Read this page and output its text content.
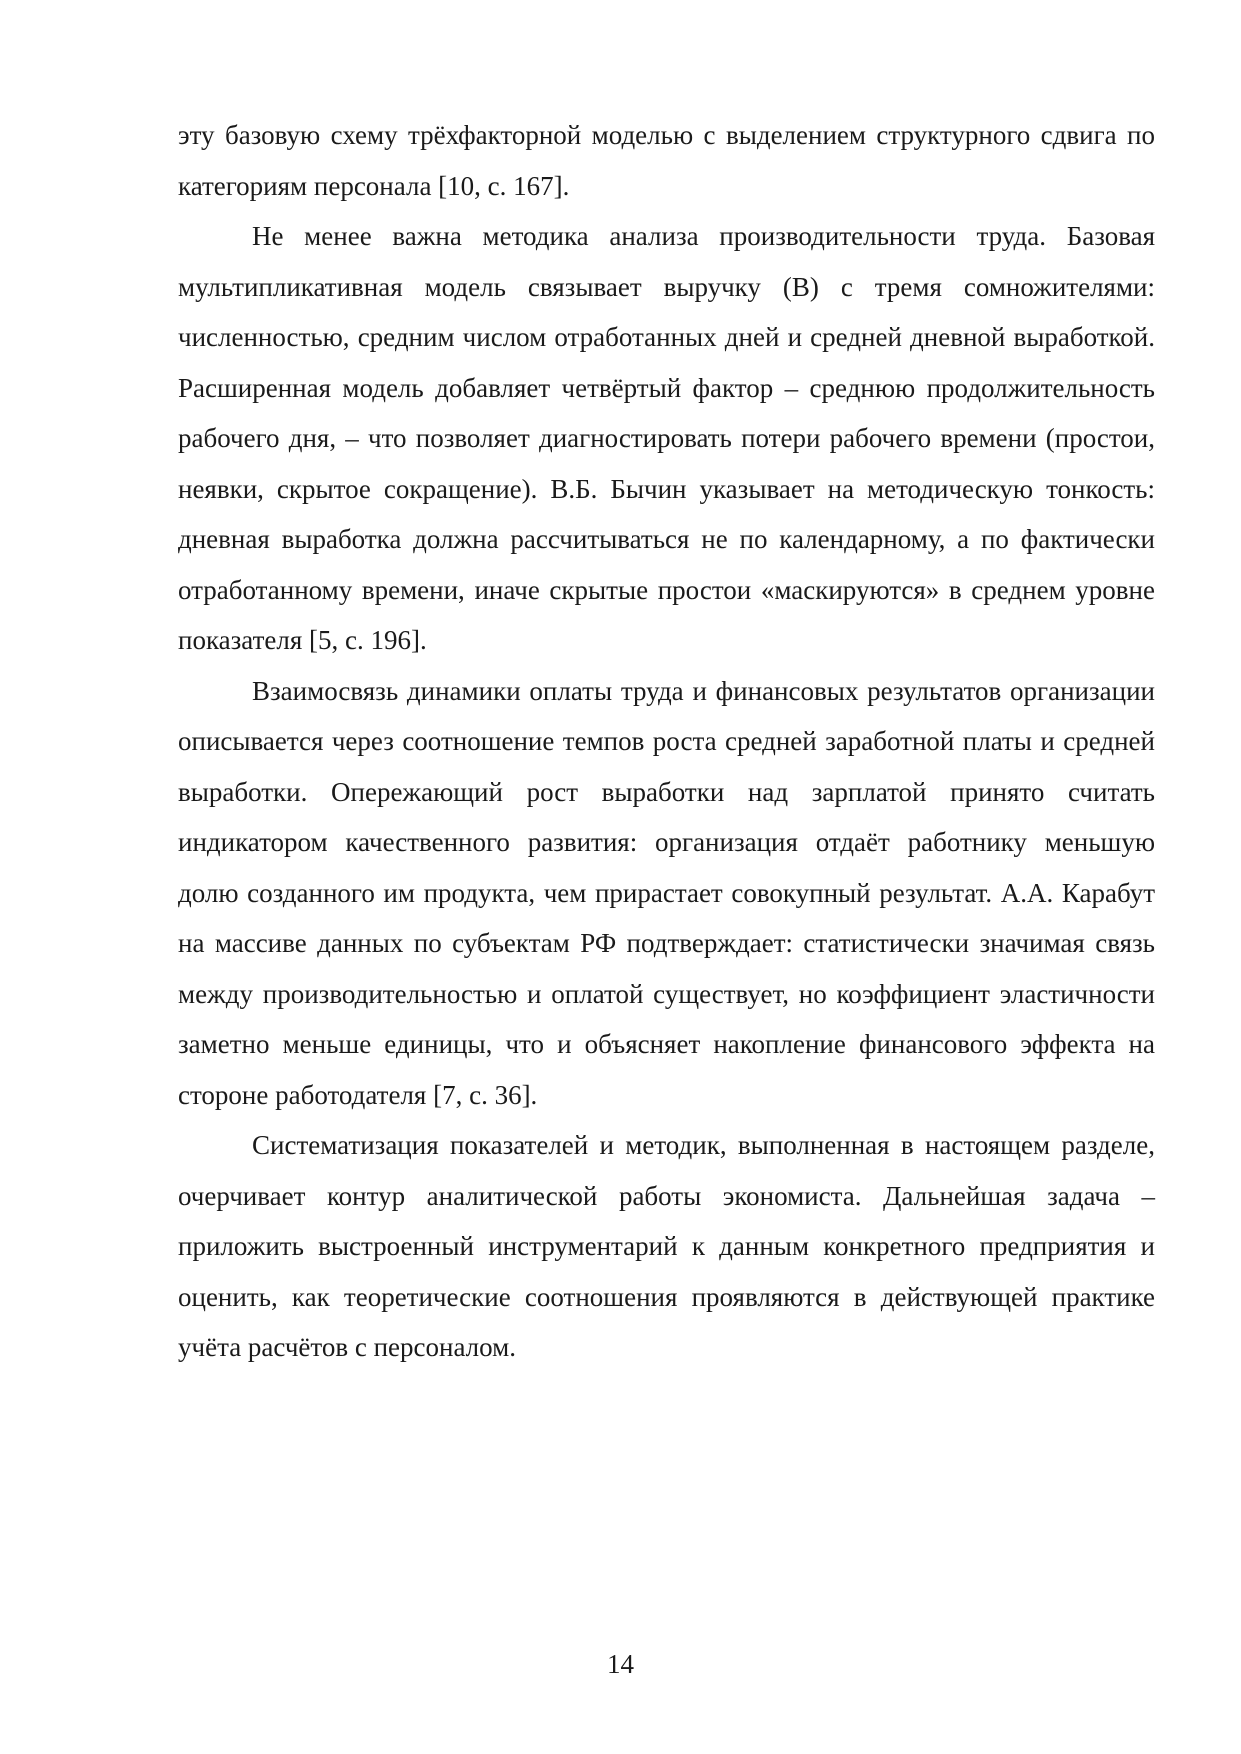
эту базовую схему трёхфакторной моделью с выделением структурного сдвига по категориям персонала [10, с. 167].

Не менее важна методика анализа производительности труда. Базовая мультипликативная модель связывает выручку (В) с тремя сомножителями: численностью, средним числом отработанных дней и средней дневной выработкой. Расширенная модель добавляет четвёртый фактор – среднюю продолжительность рабочего дня, – что позволяет диагностировать потери рабочего времени (простои, неявки, скрытое сокращение). В.Б. Бычин указывает на методическую тонкость: дневная выработка должна рассчитываться не по календарному, а по фактически отработанному времени, иначе скрытые простои «маскируются» в среднем уровне показателя [5, с. 196].

Взаимосвязь динамики оплаты труда и финансовых результатов организации описывается через соотношение темпов роста средней заработной платы и средней выработки. Опережающий рост выработки над зарплатой принято считать индикатором качественного развития: организация отдаёт работнику меньшую долю созданного им продукта, чем прирастает совокупный результат. А.А. Карабут на массиве данных по субъектам РФ подтверждает: статистически значимая связь между производительностью и оплатой существует, но коэффициент эластичности заметно меньше единицы, что и объясняет накопление финансового эффекта на стороне работодателя [7, с. 36].

Систематизация показателей и методик, выполненная в настоящем разделе, очерчивает контур аналитической работы экономиста. Дальнейшая задача – приложить выстроенный инструментарий к данным конкретного предприятия и оценить, как теоретические соотношения проявляются в действующей практике учёта расчётов с персоналом.

14
